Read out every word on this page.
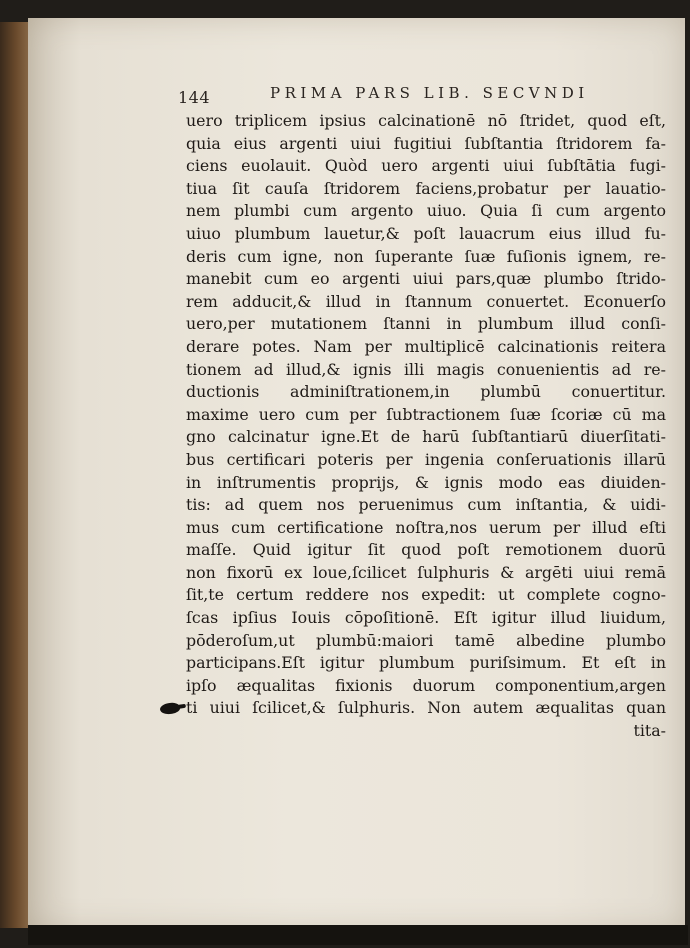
144	PRIMA PARS LIB. SECVNDI
uero triplicem ipsius calcinationē nō ſtridet, quod eſt,
quia eius argenti uiui fugitiui ſubſtantia ſtridorem fa-
ciens euolauit. Quòd uero argenti uiui ſubſtātia fugi-
tiua ſit cauſa ſtridorem faciens,probatur per lauatio-
nem plumbi cum argento uiuo. Quia ſi cum argento
uiuo plumbum lauetur,& poſt lauacrum eius illud fu-
deris cum igne, non ſuperante ſuæ fuſionis ignem, re-
manebit cum eo argenti uiui pars,quæ plumbo ſtrido-
rem adducit,& illud in ſtannum conuertet. Econuerſo
uero,per mutationem ſtanni in plumbum illud conſi-
derare potes. Nam per multiplicē calcinationis reitera
tionem ad illud,& ignis illi magis conuenientis ad re-
ductionis adminiſtrationem,in plumbū conuertitur.
maxime uero cum per ſubtractionem ſuæ ſcoriæ cū ma
gno calcinatur igne.Et de harū ſubſtantiarū diuerſitati-
bus certificari poteris per ingenia conſeruationis illarū
in inſtrumentis proprijs, & ignis modo eas diuiden-
tis: ad quem nos peruenimus cum inſtantia, & uidi-
mus cum certificatione noſtra,nos uerum per illud eſti
maſſe. Quid igitur ſit quod poſt remotionem duorū
non fixorū ex loue,ſcilicet ſulphuris & argēti uiui remā
ſit,te certum reddere nos expedit: ut complete cogno-
ſcas ipſius Iouis cōpoſitionē. Eſt igitur illud liuidum,
pōderoſum,ut plumbū:maiori tamē albedine plumbo
participans.Eſt igitur plumbum puriſsimum. Et eſt in
ipſo æqualitas fixionis duorum componentium,argen
ti uiui ſcilicet,& ſulphuris. Non autem æqualitas quan
tita-
